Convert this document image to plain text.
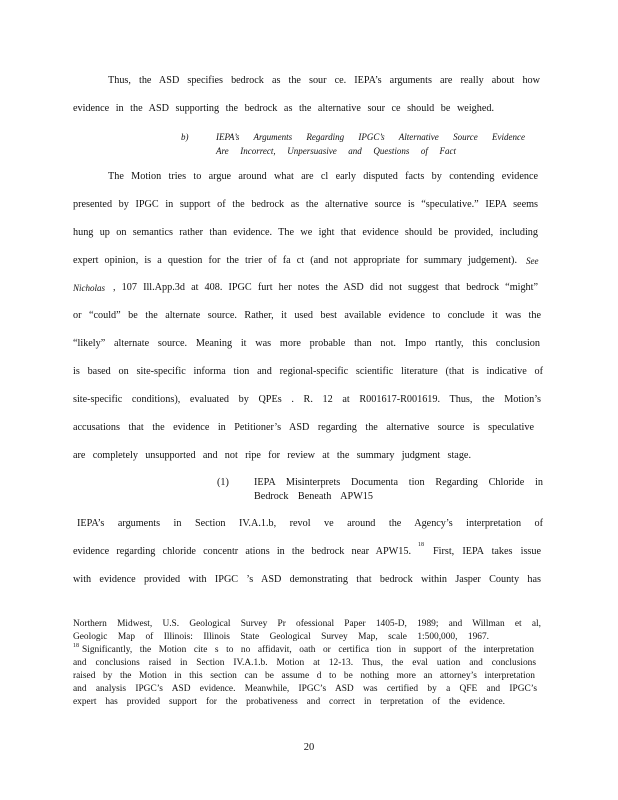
Thus, the ASD specifies bedrock as the sour ce. IEPA’s arguments are really about how
evidence in the ASD supporting the bedrock as the alternative sour ce should be weighed.
b)	IEPA’s Arguments Regarding IPGC’s Alternative Source Evidence
Are Incorrect, Unpersuasive and Questions of Fact
The Motion tries to argue around what are cl early disputed facts by contending evidence
presented by IPGC in support of the bedrock as the alternative source is “speculative.” IEPA seems
hung up on semantics rather than evidence. The we ight that evidence should be provided, including
expert opinion, is a question for the trier of fa ct (and not appropriate for summary judgement). See
Nicholas , 107 Ill.App.3d at 408. IPGC furt her notes the ASD did not suggest that bedrock “might”
or “could” be the alternate source. Rather, it used best available evidence to conclude it was the
“likely” alternate source. Meaning it was more probable than not. Impo rtantly, this conclusion
is based on site-specific informa tion and regional-specific scientific literature (that is indicative of
site-specific conditions), evaluated by QPEs . R. 12 at R001617-R001619. Thus, the Motion’s
accusations that the evidence in Petitioner’s ASD regarding the alternative source is speculative
are completely unsupported and not ripe for review at the summary judgment stage.
(1) IEPA Misinterprets Documenta tion Regarding Chloride in
Bedrock Beneath APW15
IEPA’s arguments in Section IV.A.1.b, revol ve around the Agency’s interpretation of
evidence regarding chloride concentr ations in the bedrock near APW15.
18
First, IEPA takes issue
with evidence provided with IPGC ’s ASD demonstrating that bedrock within Jasper County has
Northern Midwest, U.S. Geological Survey Pr ofessional Paper 1405-D, 1989; and Willman et al,
Geologic Map of Illinois: Illinois State Geological Survey Map, scale 1:500,000, 1967.
18 Significantly, the Motion cite s to no affidavit, oath or certifica tion in support of the interpretation
and conclusions raised in Section IV.A.1.b. Motion at 12-13. Thus, the eval uation and conclusions
raised by the Motion in this section can be assume d to be nothing more an attorney’s interpretation
and analysis IPGC’s ASD evidence. Meanwhile, IPGC’s ASD was certified by a QFE and IPGC’s
expert has provided support for the probativeness and correct in terpretation of the evidence.
20
